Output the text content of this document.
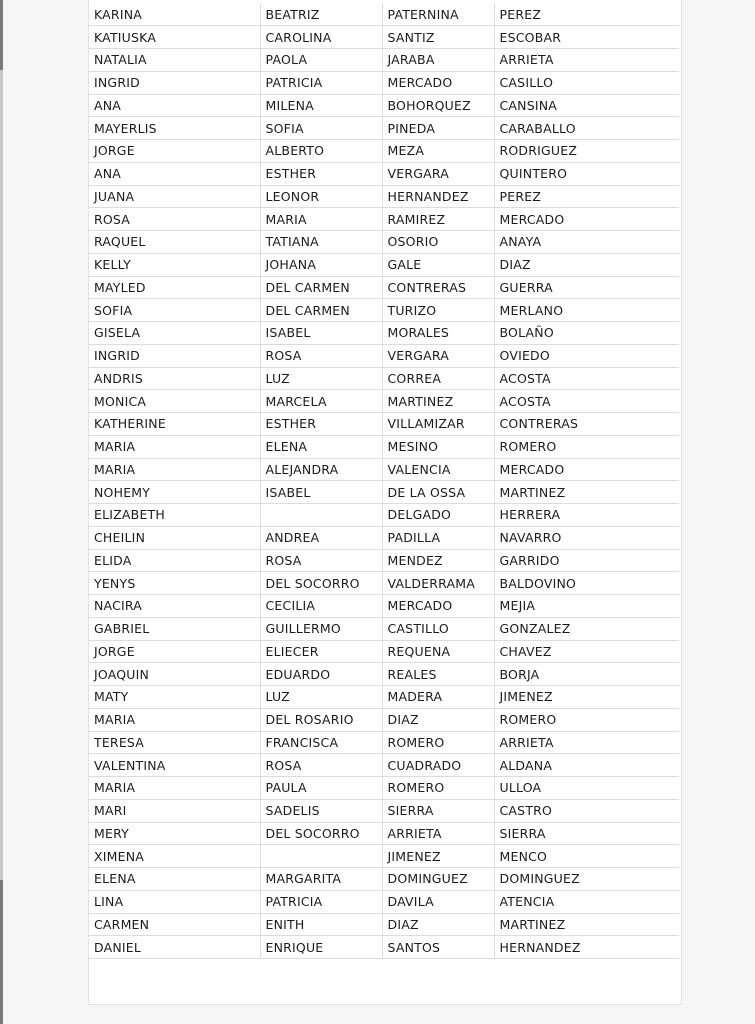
KARINA	BEATRIZ	PATERNINA	PEREZ
KATIUSKA	CAROLINA	SANTIZ	ESCOBAR
NATALIA	PAOLA	JARABA	ARRIETA
INGRID	PATRICIA	MERCADO	CASILLO
ANA	MILENA	BOHORQUEZ	CANSINA
MAYERLIS	SOFIA	PINEDA	CARABALLO
JORGE	ALBERTO	MEZA	RODRIGUEZ
ANA	ESTHER	VERGARA	QUINTERO
JUANA	LEONOR	HERNANDEZ	PEREZ
ROSA	MARIA	RAMIREZ	MERCADO
RAQUEL	TATIANA	OSORIO	ANAYA
KELLY	JOHANA	GALE	DIAZ
MAYLED	DEL CARMEN	CONTRERAS	GUERRA
SOFIA	DEL CARMEN	TURIZO	MERLANO
GISELA	ISABEL	MORALES	BOLAÑO
INGRID	ROSA	VERGARA	OVIEDO
ANDRIS	LUZ	CORREA	ACOSTA
MONICA	MARCELA	MARTINEZ	ACOSTA
KATHERINE	ESTHER	VILLAMIZAR	CONTRERAS
MARIA	ELENA	MESINO	ROMERO
MARIA	ALEJANDRA	VALENCIA	MERCADO
NOHEMY	ISABEL	DE LA OSSA	MARTINEZ
ELIZABETH		DELGADO	HERRERA
CHEILIN	ANDREA	PADILLA	NAVARRO
ELIDA	ROSA	MENDEZ	GARRIDO
YENYS	DEL SOCORRO	VALDERRAMA	BALDOVINO
NACIRA	CECILIA	MERCADO	MEJIA
GABRIEL	GUILLERMO	CASTILLO	GONZALEZ
JORGE	ELIECER	REQUENA	CHAVEZ
JOAQUIN	EDUARDO	REALES	BORJA
MATY	LUZ	MADERA	JIMENEZ
MARIA	DEL ROSARIO	DIAZ	ROMERO
TERESA	FRANCISCA	ROMERO	ARRIETA
VALENTINA	ROSA	CUADRADO	ALDANA
MARIA	PAULA	ROMERO	ULLOA
MARI	SADELIS	SIERRA	CASTRO
MERY	DEL SOCORRO	ARRIETA	SIERRA
XIMENA		JIMENEZ	MENCO
ELENA	MARGARITA	DOMINGUEZ	DOMINGUEZ
LINA	PATRICIA	DAVILA	ATENCIA
CARMEN	ENITH	DIAZ	MARTINEZ
DANIEL	ENRIQUE	SANTOS	HERNANDEZ
